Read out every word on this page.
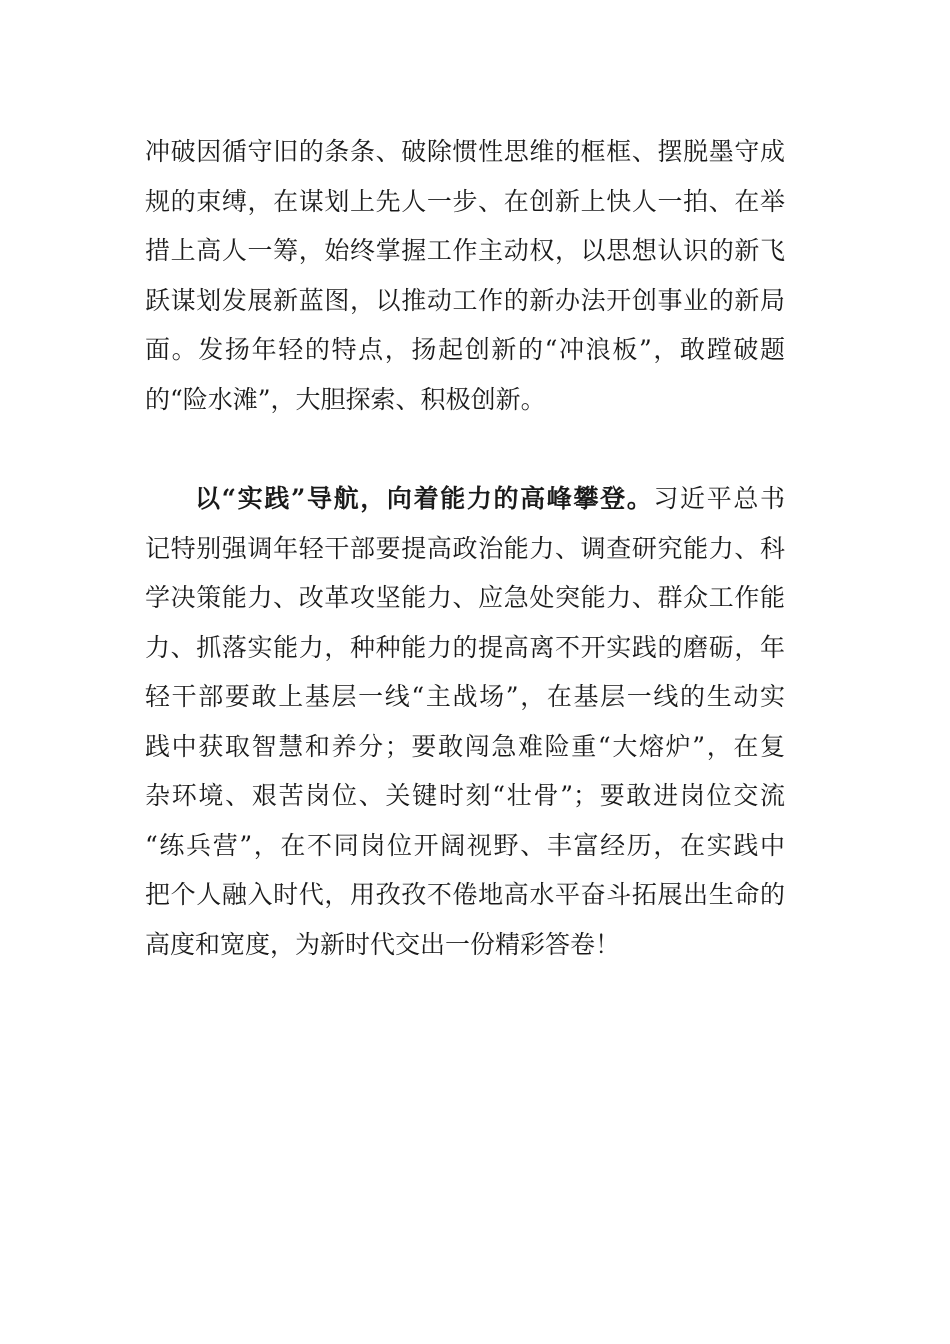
冲破因循守旧的条条、破除惯性思维的框框、摆脱墨守成
规的束缚，在谋划上先人一步、在创新上快人一拍、在举
措上高人一筹，始终掌握工作主动权，以思想认识的新飞
跃谋划发展新蓝图，以推动工作的新办法开创事业的新局
面。发扬年轻的特点，扬起创新的“冲浪板”，敢蹚破题
的“险水滩”，大胆探索、积极创新。
以“实践”导航，向着能力的高峰攀登。习近平总书
记特别强调年轻干部要提高政治能力、调查研究能力、科
学决策能力、改革攻坚能力、应急处突能力、群众工作能
力、抓落实能力，种种能力的提高离不开实践的磨砺，年
轻干部要敢上基层一线“主战场”，在基层一线的生动实
践中获取智慧和养分；要敢闯急难险重“大熔炉”，在复
杂环境、艰苦岗位、关键时刻“壮骨”；要敢进岗位交流
“练兵营”，在不同岗位开阔视野、丰富经历，在实践中
把个人融入时代，用孜孜不倦地高水平奋斗拓展出生命的
高度和宽度，为新时代交出一份精彩答卷！
